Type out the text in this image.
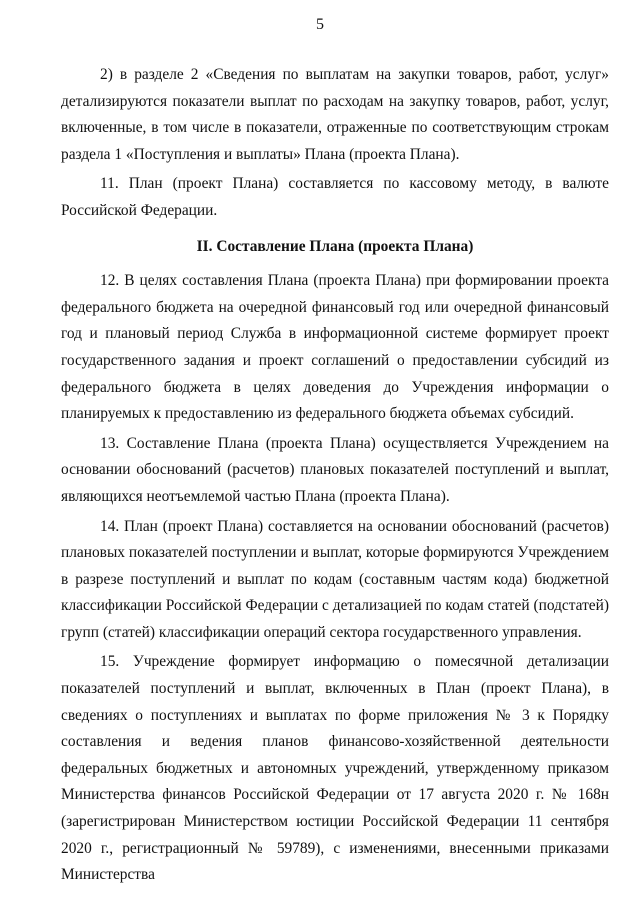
5

2) в разделе 2 «Сведения по выплатам на закупки товаров, работ, услуг» детализируются показатели выплат по расходам на закупку товаров, работ, услуг, включенные, в том числе в показатели, отраженные по соответствующим строкам раздела 1 «Поступления и выплаты» Плана (проекта Плана).

11. План (проект Плана) составляется по кассовому методу, в валюте Российской Федерации.

II. Составление Плана (проекта Плана)

12. В целях составления Плана (проекта Плана) при формировании проекта федерального бюджета на очередной финансовый год или очередной финансовый год и плановый период Служба в информационной системе формирует проект государственного задания и проект соглашений о предоставлении субсидий из федерального бюджета в целях доведения до Учреждения информации о планируемых к предоставлению из федерального бюджета объемах субсидий.

13. Составление Плана (проекта Плана) осуществляется Учреждением на основании обоснований (расчетов) плановых показателей поступлений и выплат, являющихся неотъемлемой частью Плана (проекта Плана).

14. План (проект Плана) составляется на основании обоснований (расчетов) плановых показателей поступлении и выплат, которые формируются Учреждением в разрезе поступлений и выплат по кодам (составным частям кода) бюджетной классификации Российской Федерации с детализацией по кодам статей (подстатей) групп (статей) классификации операций сектора государственного управления.

15. Учреждение формирует информацию о помесячной детализации показателей поступлений и выплат, включенных в План (проект Плана), в сведениях о поступлениях и выплатах по форме приложения № 3 к Порядку составления и ведения планов финансово-хозяйственной деятельности федеральных бюджетных и автономных учреждений, утвержденному приказом Министерства финансов Российской Федерации от 17 августа 2020 г. № 168н (зарегистрирован Министерством юстиции Российской Федерации 11 сентября 2020 г., регистрационный № 59789), с изменениями, внесенными приказами Министерства
